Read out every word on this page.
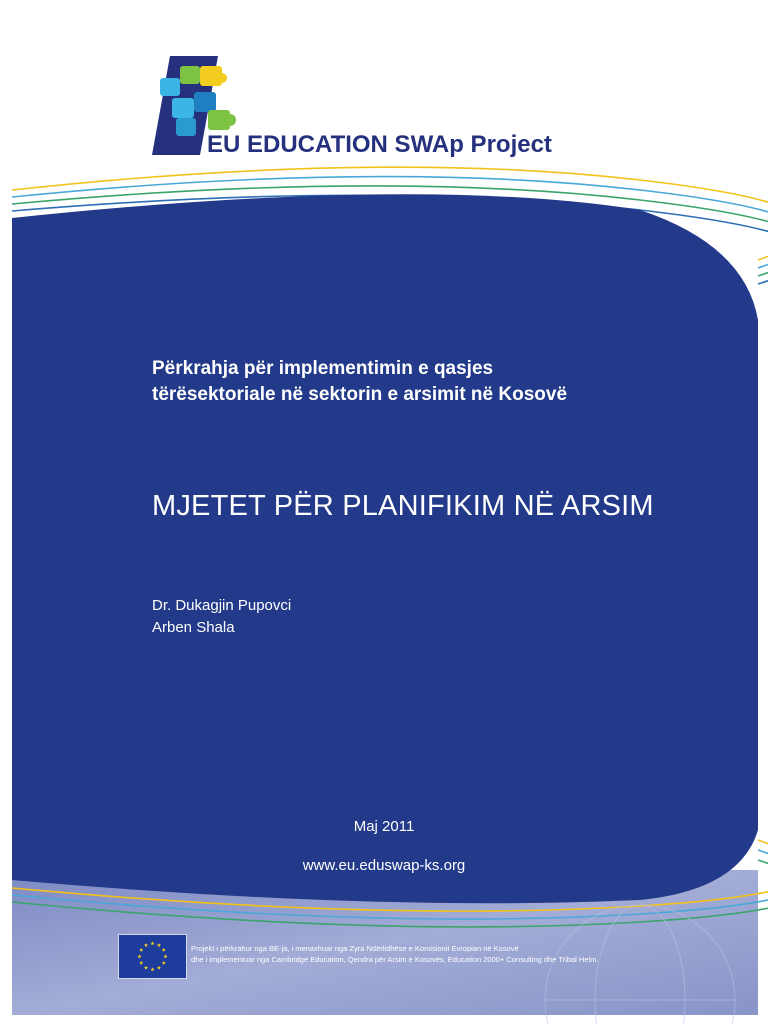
EU EDUCATION SWAp Project
Përkrahja për implementimin e qasjes
tërësektoriale në sektorin e arsimit në Kosovë
MJETET PËR PLANIFIKIM NË ARSIM
Dr. Dukagjin Pupovci
Arben Shala
Maj 2011
www.eu.eduswap-ks.org
Projekt i përkrahur nga BE-ja, i menaxhuar nga Zyra Ndërlidhëse e Komisionit Evropian në Kosovë
dhe i implementuar nga Cambridge Education, Qendra për Arsim e Kosovës, Education 2000+ Consulting dhe Tribal Helm.
